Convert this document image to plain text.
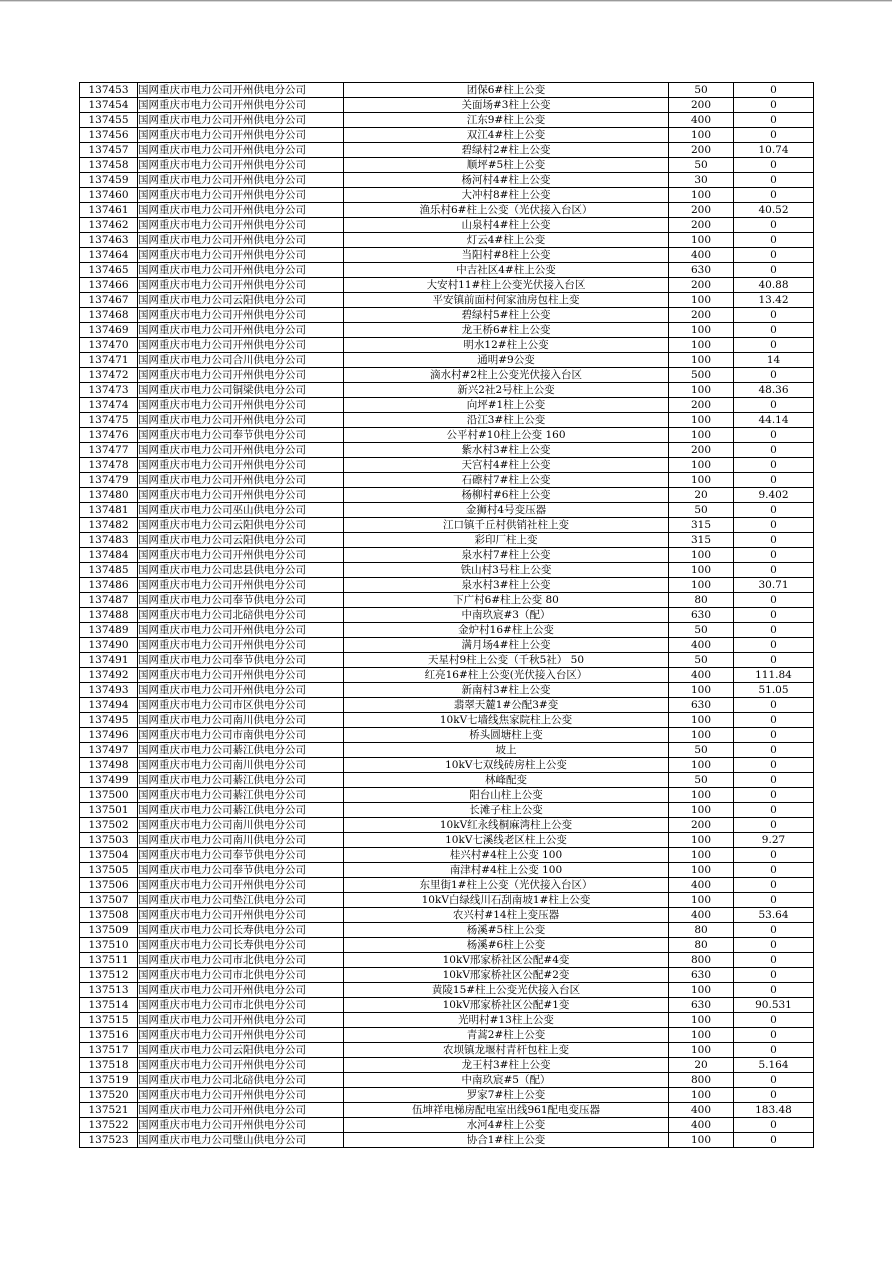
137453	国网重庆市电力公司开州供电分公司	团保6#柱上公变	50	0
137454	国网重庆市电力公司开州供电分公司	关面场#3柱上公变	200	0
137455	国网重庆市电力公司开州供电分公司	江东9#柱上公变	400	0
137456	国网重庆市电力公司开州供电分公司	双江4#柱上公变	100	0
137457	国网重庆市电力公司开州供电分公司	碧绿村2#柱上公变	200	10.74
137458	国网重庆市电力公司开州供电分公司	顺坪#5柱上公变	50	0
137459	国网重庆市电力公司开州供电分公司	杨河村4#柱上公变	30	0
137460	国网重庆市电力公司开州供电分公司	大冲村8#柱上公变	100	0
137461	国网重庆市电力公司开州供电分公司	渔乐村6#柱上公变（光伏接入台区）	200	40.52
137462	国网重庆市电力公司开州供电分公司	山泉村4#柱上公变	200	0
137463	国网重庆市电力公司开州供电分公司	灯云4#柱上公变	100	0
137464	国网重庆市电力公司开州供电分公司	当阳村#8柱上公变	400	0
137465	国网重庆市电力公司开州供电分公司	中吉社区4#柱上公变	630	0
137466	国网重庆市电力公司开州供电分公司	大安村11#柱上公变光伏接入台区	200	40.88
137467	国网重庆市电力公司云阳供电分公司	平安镇前面村何家油房包柱上变	100	13.42
137468	国网重庆市电力公司开州供电分公司	碧绿村5#柱上公变	200	0
137469	国网重庆市电力公司开州供电分公司	龙王桥6#柱上公变	100	0
137470	国网重庆市电力公司开州供电分公司	明水12#柱上公变	100	0
137471	国网重庆市电力公司合川供电分公司	通明#9公变	100	14
137472	国网重庆市电力公司开州供电分公司	滴水村#2柱上公变光伏接入台区	500	0
137473	国网重庆市电力公司铜梁供电分公司	新兴2社2号柱上公变	100	48.36
137474	国网重庆市电力公司开州供电分公司	向坪#1柱上公变	200	0
137475	国网重庆市电力公司开州供电分公司	沿江3#柱上公变	100	44.14
137476	国网重庆市电力公司奉节供电分公司	公平村#10柱上公变 160	100	0
137477	国网重庆市电力公司开州供电分公司	紫水村3#柱上公变	200	0
137478	国网重庆市电力公司开州供电分公司	天宫村4#柱上公变	100	0
137479	国网重庆市电力公司开州供电分公司	石䃰村7#柱上公变	100	0
137480	国网重庆市电力公司开州供电分公司	杨柳村#6柱上公变	20	9.402
137481	国网重庆市电力公司巫山供电分公司	金狮村4号变压器	50	0
137482	国网重庆市电力公司云阳供电分公司	江口镇千丘村供销社柱上变	315	0
137483	国网重庆市电力公司云阳供电分公司	彩印厂柱上变	315	0
137484	国网重庆市电力公司开州供电分公司	泉水村7#柱上公变	100	0
137485	国网重庆市电力公司忠县供电分公司	铁山村3号柱上公变	100	0
137486	国网重庆市电力公司开州供电分公司	泉水村3#柱上公变	100	30.71
137487	国网重庆市电力公司奉节供电分公司	下广村6#柱上公变 80	80	0
137488	国网重庆市电力公司北碚供电分公司	中南玖宸#3（配）	630	0
137489	国网重庆市电力公司开州供电分公司	金炉村16#柱上公变	50	0
137490	国网重庆市电力公司开州供电分公司	满月场4#柱上公变	400	0
137491	国网重庆市电力公司奉节供电分公司	天星村9柱上公变（千秋5社） 50	50	0
137492	国网重庆市电力公司开州供电分公司	红亮16#柱上公变(光伏接入台区）	400	111.84
137493	国网重庆市电力公司开州供电分公司	新南村3#柱上公变	100	51.05
137494	国网重庆市电力公司市区供电分公司	翡翠天麓1#公配3#变	630	0
137495	国网重庆市电力公司南川供电分公司	10kV七墙线焦家院柱上公变	100	0
137496	国网重庆市电力公司市南供电分公司	桥头圆塘柱上变	100	0
137497	国网重庆市电力公司綦江供电分公司	坡上	50	0
137498	国网重庆市电力公司南川供电分公司	10kV七双线砖房柱上公变	100	0
137499	国网重庆市电力公司綦江供电分公司	林峰配变	50	0
137500	国网重庆市电力公司綦江供电分公司	阳台山柱上公变	100	0
137501	国网重庆市电力公司綦江供电分公司	长滩子柱上公变	100	0
137502	国网重庆市电力公司南川供电分公司	10kV红永线桐麻湾柱上公变	200	0
137503	国网重庆市电力公司南川供电分公司	10kV七溪线老区柱上公变	100	9.27
137504	国网重庆市电力公司奉节供电分公司	桂兴村#4柱上公变 100	100	0
137505	国网重庆市电力公司奉节供电分公司	南津村#4柱上公变 100	100	0
137506	国网重庆市电力公司开州供电分公司	东里街1#柱上公变（光伏接入台区）	400	0
137507	国网重庆市电力公司垫江供电分公司	10kV白绿线川石刮南坡1#柱上公变	100	0
137508	国网重庆市电力公司开州供电分公司	农兴村#14柱上变压器	400	53.64
137509	国网重庆市电力公司长寿供电分公司	杨溪#5柱上公变	80	0
137510	国网重庆市电力公司长寿供电分公司	杨溪#6柱上公变	80	0
137511	国网重庆市电力公司市北供电分公司	10kV邢家桥社区公配#4变	800	0
137512	国网重庆市电力公司市北供电分公司	10kV邢家桥社区公配#2变	630	0
137513	国网重庆市电力公司开州供电分公司	黄陵15#柱上公变光伏接入台区	100	0
137514	国网重庆市电力公司市北供电分公司	10kV邢家桥社区公配#1变	630	90.531
137515	国网重庆市电力公司开州供电分公司	光明村#13柱上公变	100	0
137516	国网重庆市电力公司开州供电分公司	青蒿2#柱上公变	100	0
137517	国网重庆市电力公司云阳供电分公司	农坝镇龙堰村青杆包柱上变	100	0
137518	国网重庆市电力公司开州供电分公司	龙王村3#柱上公变	20	5.164
137519	国网重庆市电力公司北碚供电分公司	中南玖宸#5（配）	800	0
137520	国网重庆市电力公司开州供电分公司	罗家7#柱上公变	100	0
137521	国网重庆市电力公司开州供电分公司	伍坤祥电梯房配电室出线961配电变压器	400	183.48
137522	国网重庆市电力公司开州供电分公司	水河4#柱上公变	400	0
137523	国网重庆市电力公司璧山供电分公司	协合1#柱上公变	100	0
